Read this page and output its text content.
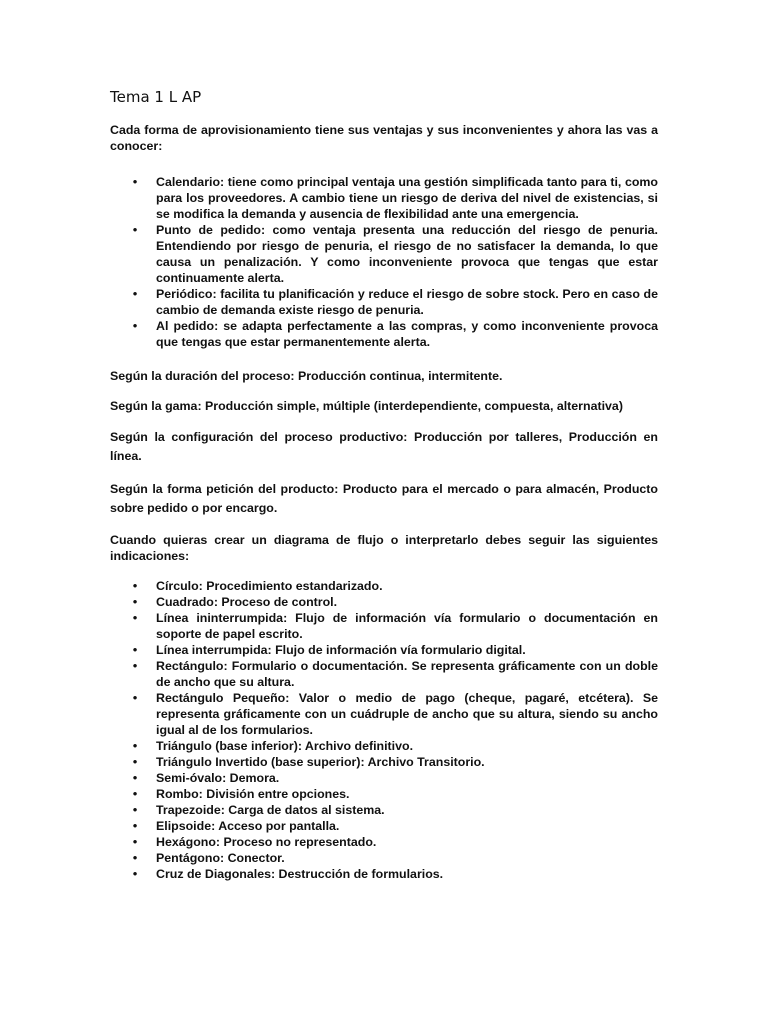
Tema 1 L AP

Cada forma de aprovisionamiento tiene sus ventajas y sus inconvenientes y ahora las vas a conocer:

• Calendario: tiene como principal ventaja una gestión simplificada tanto para ti, como para los proveedores. A cambio tiene un riesgo de deriva del nivel de existencias, si se modifica la demanda y ausencia de flexibilidad ante una emergencia.
• Punto de pedido: como ventaja presenta una reducción del riesgo de penuria. Entendiendo por riesgo de penuria, el riesgo de no satisfacer la demanda, lo que causa un penalización. Y como inconveniente provoca que tengas que estar continuamente alerta.
• Periódico: facilita tu planificación y reduce el riesgo de sobre stock. Pero en caso de cambio de demanda existe riesgo de penuria.
• Al pedido: se adapta perfectamente a las compras, y como inconveniente provoca que tengas que estar permanentemente alerta.

Según la duración del proceso: Producción continua, intermitente.

Según la gama: Producción simple, múltiple (interdependiente, compuesta, alternativa)

Según la configuración del proceso productivo: Producción por talleres, Producción en línea.

Según la forma petición del producto: Producto para el mercado o para almacén, Producto sobre pedido o por encargo.

Cuando quieras crear un diagrama de flujo o interpretarlo debes seguir las siguientes indicaciones:

• Círculo: Procedimiento estandarizado.
• Cuadrado: Proceso de control.
• Línea ininterrumpida: Flujo de información vía formulario o documentación en soporte de papel escrito.
• Línea interrumpida: Flujo de información vía formulario digital.
• Rectángulo: Formulario o documentación. Se representa gráficamente con un doble de ancho que su altura.
• Rectángulo Pequeño: Valor o medio de pago (cheque, pagaré, etcétera). Se representa gráficamente con un cuádruple de ancho que su altura, siendo su ancho igual al de los formularios.
• Triángulo (base inferior): Archivo definitivo.
• Triángulo Invertido (base superior): Archivo Transitorio.
• Semi-óvalo: Demora.
• Rombo: División entre opciones.
• Trapezoide: Carga de datos al sistema.
• Elipsoide: Acceso por pantalla.
• Hexágono: Proceso no representado.
• Pentágono: Conector.
• Cruz de Diagonales: Destrucción de formularios.
